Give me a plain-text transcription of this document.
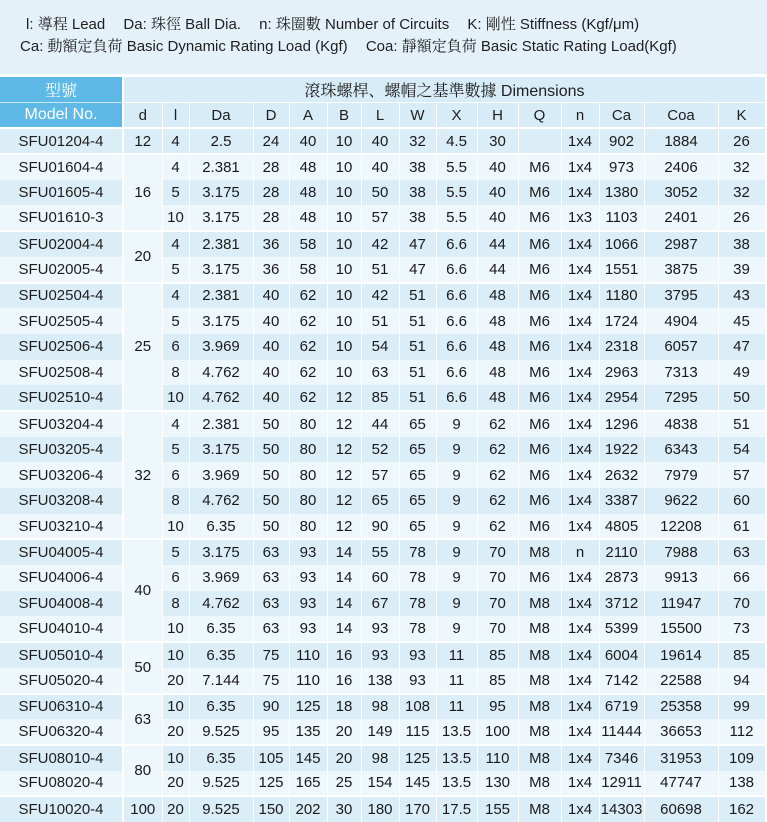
l: 導程 Lead Da: 珠徑 Ball Dia. n: 珠圈數 Number of Circuits K: 剛性 Stiffness (Kgf/μm)
Ca: 動額定負荷 Basic Dynamic Rating Load (Kgf) Coa: 靜額定負荷 Basic Static Rating Load(Kgf)
型號	滾珠螺桿、螺帽之基準數據 Dimensions														
Model No.	d	l	Da	D	A	B	L	W	X	H	Q	n	Ca	Coa	K
SFU01204-4	12	4	2.5	24	40	10	40	32	4.5	30		1x4	902	1884	26
SFU01604-4	16	4	2.381	28	48	10	40	38	5.5	40	M6	1x4	973	2406	32
SFU01605-4		5	3.175	28	48	10	50	38	5.5	40	M6	1x4	1380	3052	32
SFU01610-3		10	3.175	28	48	10	57	38	5.5	40	M6	1x3	1103	2401	26
SFU02004-4	20	4	2.381	36	58	10	42	47	6.6	44	M6	1x4	1066	2987	38
SFU02005-4		5	3.175	36	58	10	51	47	6.6	44	M6	1x4	1551	3875	39
SFU02504-4	25	4	2.381	40	62	10	42	51	6.6	48	M6	1x4	1180	3795	43
SFU02505-4		5	3.175	40	62	10	51	51	6.6	48	M6	1x4	1724	4904	45
SFU02506-4		6	3.969	40	62	10	54	51	6.6	48	M6	1x4	2318	6057	47
SFU02508-4		8	4.762	40	62	10	63	51	6.6	48	M6	1x4	2963	7313	49
SFU02510-4		10	4.762	40	62	12	85	51	6.6	48	M6	1x4	2954	7295	50
SFU03204-4	32	4	2.381	50	80	12	44	65	9	62	M6	1x4	1296	4838	51
SFU03205-4		5	3.175	50	80	12	52	65	9	62	M6	1x4	1922	6343	54
SFU03206-4		6	3.969	50	80	12	57	65	9	62	M6	1x4	2632	7979	57
SFU03208-4		8	4.762	50	80	12	65	65	9	62	M6	1x4	3387	9622	60
SFU03210-4		10	6.35	50	80	12	90	65	9	62	M6	1x4	4805	12208	61
SFU04005-4	40	5	3.175	63	93	14	55	78	9	70	M8	n	2110	7988	63
SFU04006-4		6	3.969	63	93	14	60	78	9	70	M6	1x4	2873	9913	66
SFU04008-4		8	4.762	63	93	14	67	78	9	70	M8	1x4	3712	11947	70
SFU04010-4		10	6.35	63	93	14	93	78	9	70	M8	1x4	5399	15500	73
SFU05010-4	50	10	6.35	75	110	16	93	93	11	85	M8	1x4	6004	19614	85
SFU05020-4		20	7.144	75	110	16	138	93	11	85	M8	1x4	7142	22588	94
SFU06310-4	63	10	6.35	90	125	18	98	108	11	95	M8	1x4	6719	25358	99
SFU06320-4		20	9.525	95	135	20	149	115	13.5	100	M8	1x4	11444	36653	112
SFU08010-4	80	10	6.35	105	145	20	98	125	13.5	110	M8	1x4	7346	31953	109
SFU08020-4		20	9.525	125	165	25	154	145	13.5	130	M8	1x4	12911	47747	138
SFU10020-4	100	20	9.525	150	202	30	180	170	17.5	155	M8	1x4	14303	60698	162
